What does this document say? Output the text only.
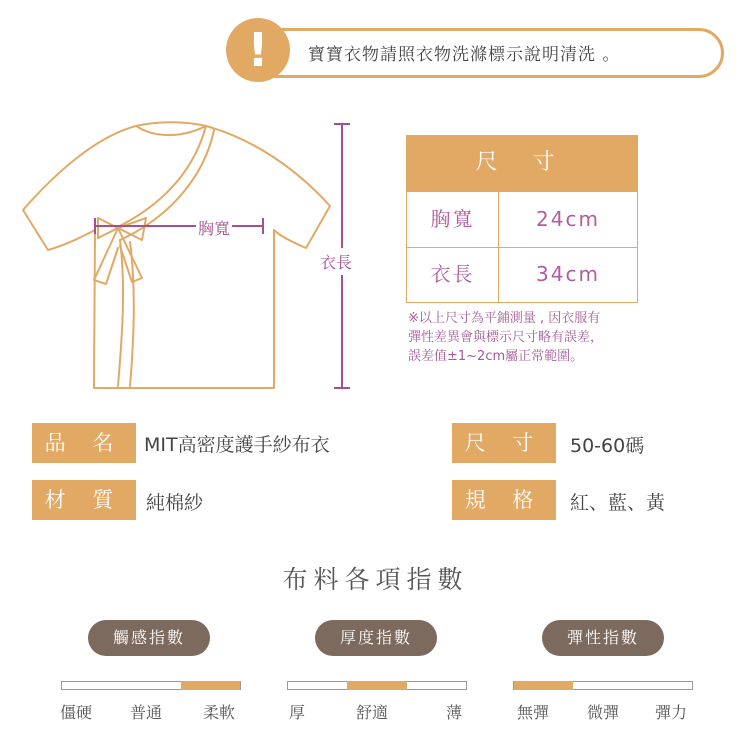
!	寶寶衣物請照衣物洗滌標示說明清洗 。
胸寬
衣長
尺 寸
胸寬	24cm
衣長	34cm
※以上尺寸為平鋪測量 , 因衣服有
彈性差異會與標示尺寸略有誤差，
誤差值±1~2cm屬正常範圍。
品 名	MIT高密度護手紗布衣
材 質	純棉紗
尺 寸	50-60碼
規 格	紅、藍、黃
布料各項指數
觸感指數	厚度指數	彈性指數
僵硬 普通	柔軟	厚	舒適	薄	無彈 微彈 彈力
